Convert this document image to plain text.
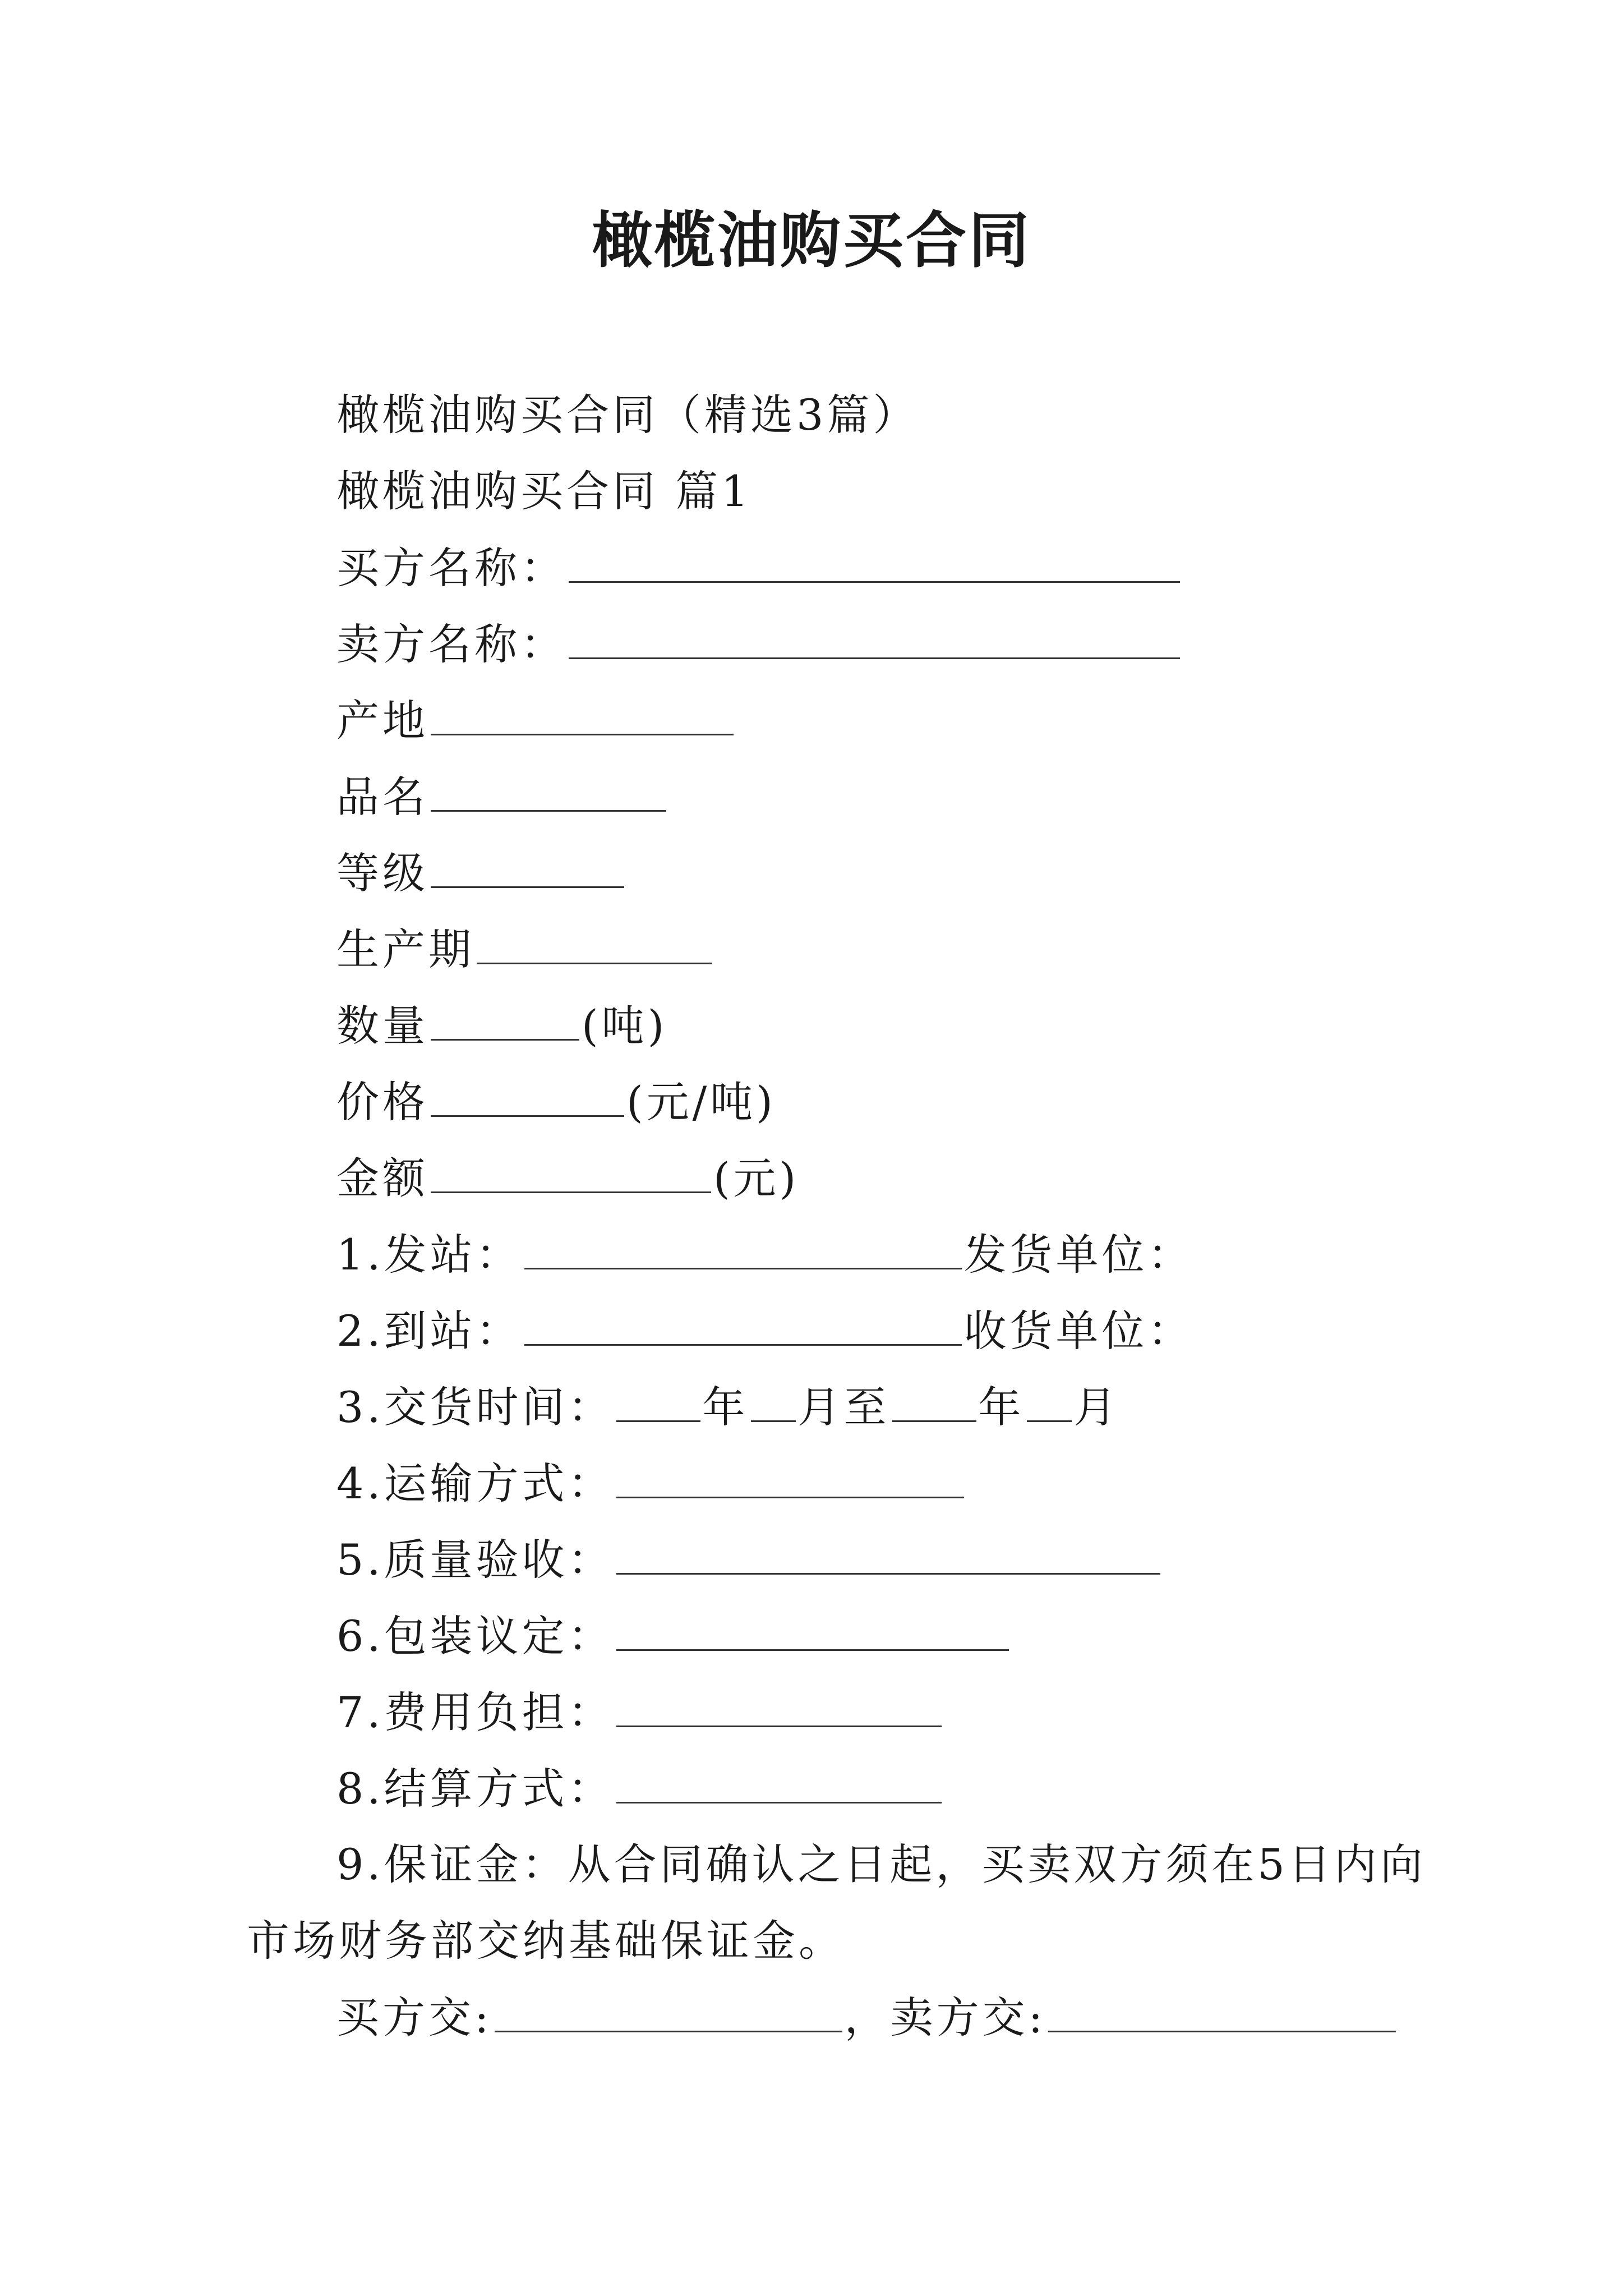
橄榄油购买合同
橄榄油购买合同（精选3篇）
橄榄油购买合同 篇1
买方名称：
卖方名称：
产地
品名
等级
生产期
数量	(吨)
价格	(元/吨)
金额	(元)
1.发站：	发货单位：
2.到站：	收货单位：
3.交货时间： 年 月至 年 月
4.运输方式：
5.质量验收：
6.包装议定：
7.费用负担：
8.结算方式：
9.保证金：从合同确认之日起，买卖双方须在5日内向
市场财务部交纳基础保证金。
买方交:	，卖方交:
